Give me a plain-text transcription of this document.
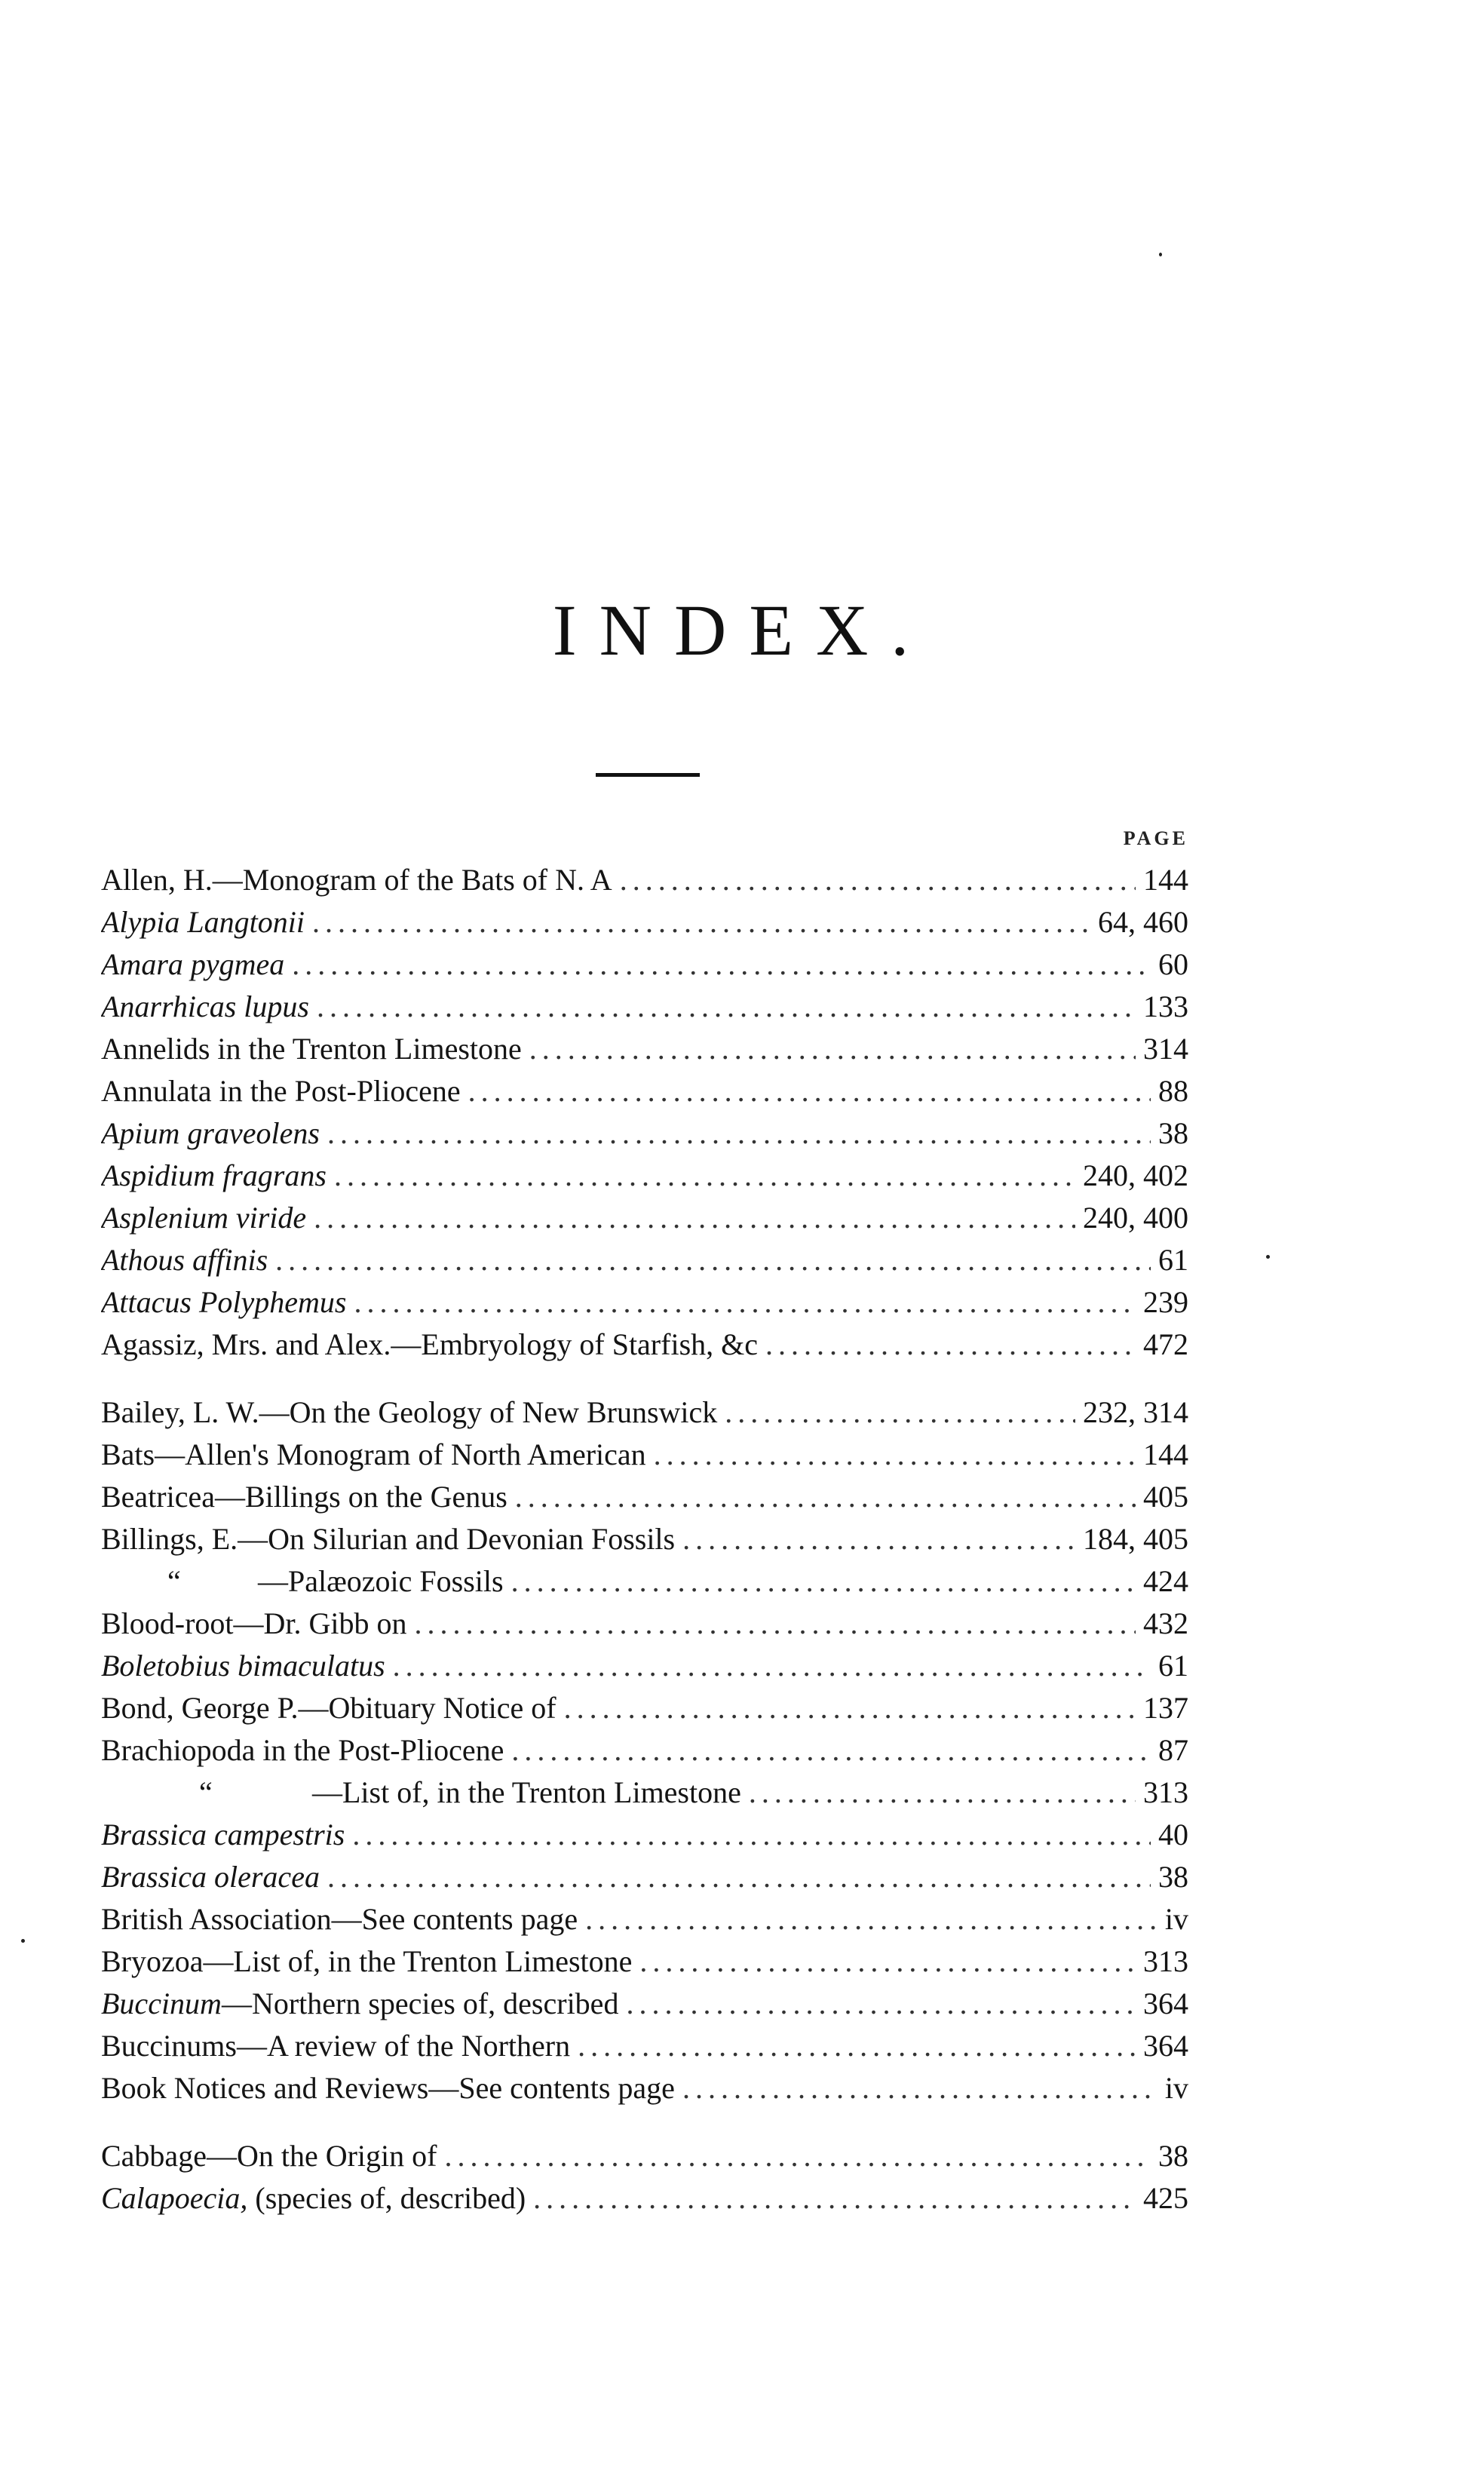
INDEX.
PAGE
Allen, H.—Monogram of the Bats of N. A .....	144
Alypia Langtonii .....	64, 460
Amara pygmea .....	60
Anarrhicas lupus .....	133
Annelids in the Trenton Limestone .....	314
Annulata in the Post-Pliocene .....	88
Apium graveolens .....	38
Aspidium fragrans .....	240, 402
Asplenium viride .....	240, 400
Athous affinis .....	61
Attacus Polyphemus .....	239
Agassiz, Mrs. and Alex.—Embryology of Starfish, &c .....	472
Bailey, L. W.—On the Geology of New Brunswick .....	232, 314
Bats—Allen's Monogram of North American .....	144
Beatricea—Billings on the Genus .....	405
Billings, E.—On Silurian and Devonian Fossils .....	184, 405
“	—Palæozoic Fossils .....	424
Blood-root—Dr. Gibb on .....	432
Boletobius bimaculatus .....	61
Bond, George P.—Obituary Notice of .....	137
Brachiopoda in the Post-Pliocene .....	87
“	—List of, in the Trenton Limestone .....	313
Brassica campestris .....	40
Brassica oleracea .....	38
British Association—See contents page .....	iv
Bryozoa—List of, in the Trenton Limestone .....	313
Buccinum—Northern species of, described .....	364
Buccinums—A review of the Northern .....	364
Book Notices and Reviews—See contents page .....	iv
Cabbage—On the Origin of .....	38
Calapoecia, (species of, described) .....	425
